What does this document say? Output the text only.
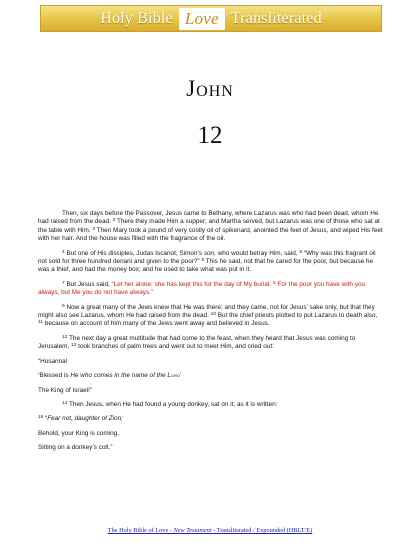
Holy Bible Love Transliterated
John
12

Then, six days before the Passover, Jesus came to Bethany, where Lazarus was who had been dead, whom He had raised from the dead. $^2$ There they made Him a supper; and Martha served, but Lazarus was one of those who sat at the table with Him. $^3$ Then Mary took a pound of very costly oil of spikenard, anointed the feet of Jesus, and wiped His feet with her hair. And the house was filled with the fragrance of the oil.

$^4$ But one of His disciples, Judas Iscariot, Simon’s son, who would betray Him, said, $^5$ “Why was this fragrant oil not sold for three hundred denarii and given to the poor?” $^6$ This he said, not that he cared for the poor, but because he was a thief, and had the money box; and he used to take what was put in it.

$^7$ But Jesus said, “Let her alone; she has kept this for the day of My burial. $^8$ For the poor you have with you always, but Me you do not have always.”

$^9$ Now a great many of the Jews knew that He was there; and they came, not for Jesus’ sake only, but that they might also see Lazarus, whom He had raised from the dead. $^{10}$ But the chief priests plotted to put Lazarus to death also, $^{11}$ because on account of him many of the Jews went away and believed in Jesus.

$^{12}$ The next day a great multitude that had come to the feast, when they heard that Jesus was coming to Jerusalem, $^{13}$ took branches of palm trees and went out to meet Him, and cried out:

“Hosanna!

‘Blessed is He who comes in the name of the Lord’

The King of Israel!”

$^{14}$ Then Jesus, when He had found a young donkey, sat on it; as it is written:

$^{15}$ “Fear not, daughter of Zion;

Behold, your King is coming,

Sitting on a donkey’s colt.”

The Holy Bible of Love - New Testament - Transliterated / Expounded (HBLT/E)
